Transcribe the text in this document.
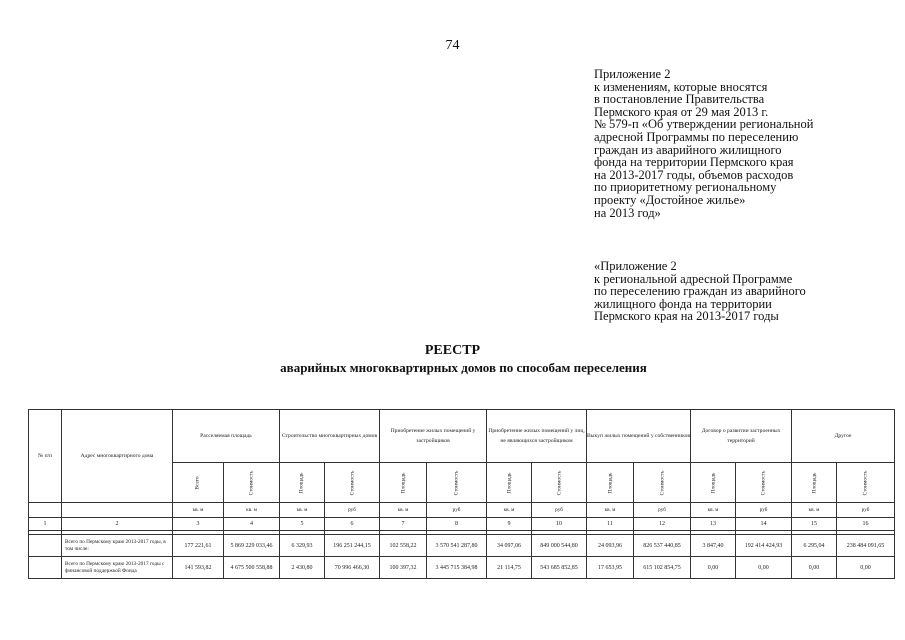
74
Приложение 2
к изменениям, которые вносятся
в постановление Правительства
Пермского края от 29 мая 2013 г.
№ 579-п «Об утверждении региональной
адресной Программы по переселению
граждан из аварийного жилищного
фонда на территории Пермского края
на 2013-2017 годы, объемов расходов
по приоритетному региональному
проекту «Достойное жилье»
на 2013 год»
«Приложение 2
к региональной адресной Программе
по переселению граждан из аварийного
жилищного фонда на территории
Пермского края на 2013-2017 годы
РЕЕСТР
аварийных многоквартирных домов по способам переселения
№ п/п	Адрес многоквартирного дома	Расселяемая площадь		Строительство многоквартирных домов		Приобретение жилых помещений у застройщиков		Приобретение жилых помещений у лиц, не являющихся застройщиком		Выкуп жилых помещений у собственников		Договор о развитии застроенных территорий		Другое	
		Всего	Стоимость	Площадь	Стоимость	Площадь	Стоимость	Площадь	Стоимость	Площадь	Стоимость	Площадь	Стоимость	Площадь	Стоимость
		кв. м	кв. м	кв. м	руб	кв. м	руб	кв. м	руб	кв. м	руб	кв. м	руб	кв. м	руб
1	2	3	4	5	6	7	8	9	10	11	12	13	14	15	16

	Всего по Пермскому краю 2013-2017 годы, в том числе:	177 221,61	5 869 229 033,46	6 329,93	196 251 244,15	102 558,22	3 570 541 287,80	34 097,06	849 000 544,80	24 093,96	826 537 440,85	3 847,40	192 414 424,93	6 295,04	238 484 091,65
	Всего по Пермскому краю 2013-2017 годы с финансовой поддержкой Фонда	141 593,82	4 675 500 558,88	2 430,80	70 996 466,30	100 397,32	3 445 715 384,98	21 114,75	543 685 852,85	17 653,95	615 102 854,75	0,00	0,00	0,00	0,00
